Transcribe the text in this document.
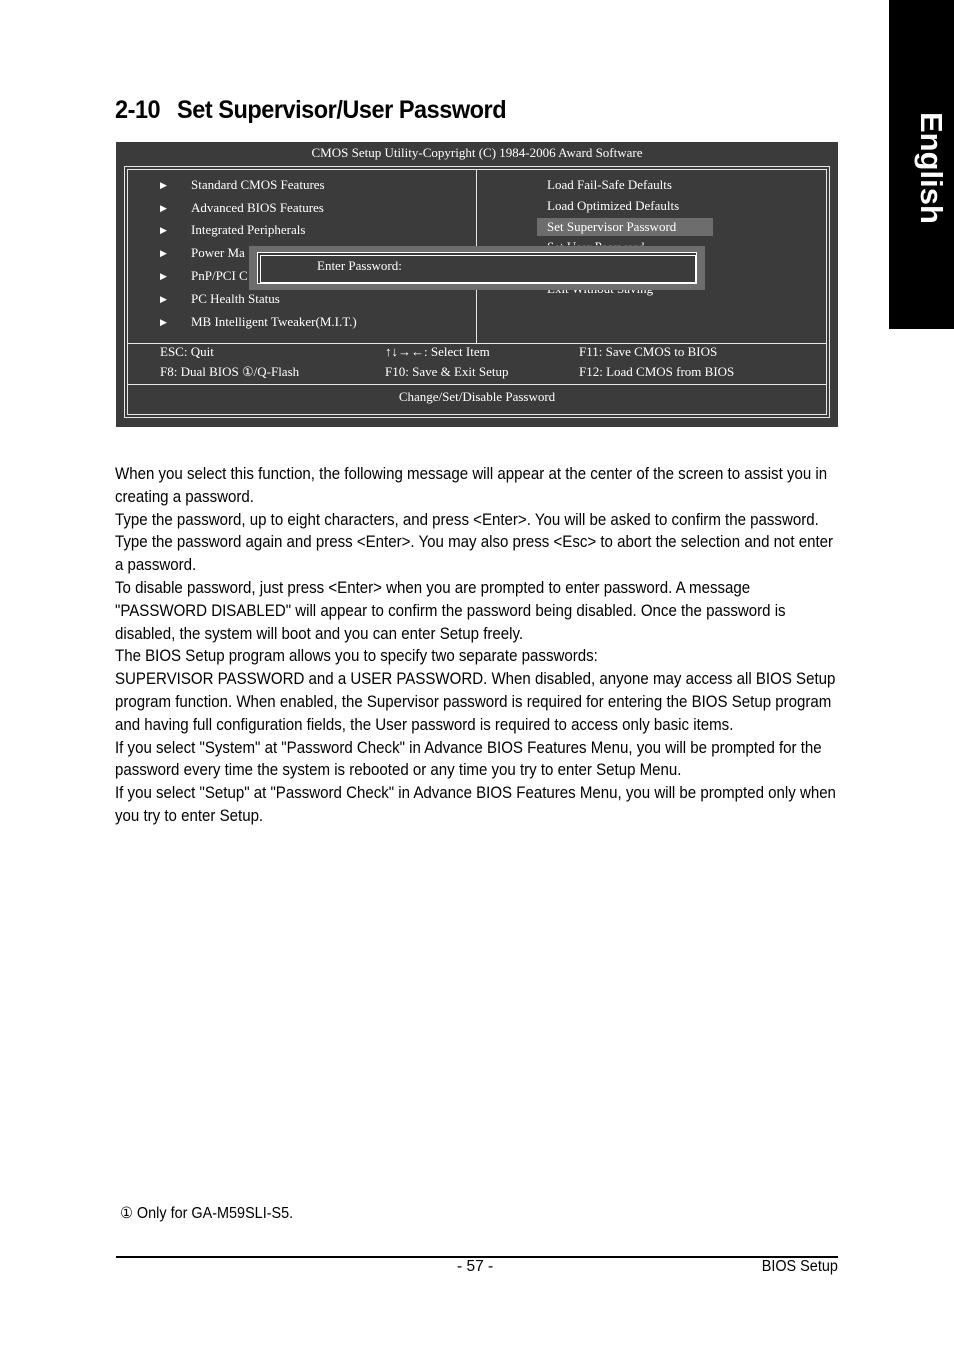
English
2-10 Set Supervisor/User Password
CMOS Setup Utility-Copyright (C) 1984-2006 Award Software
▶ Standard CMOS Features
▶ Advanced BIOS Features
▶ Integrated Peripherals
▶ Power Ma
▶ PnP/PCI C
▶ PC Health Status
▶ MB Intelligent Tweaker(M.I.T.)
Load Fail-Safe Defaults
Load Optimized Defaults
Set Supervisor Password
Enter Password:
ESC: Quit	↑↓→←: Select Item	F11: Save CMOS to BIOS
F8: Dual BIOS ①/Q-Flash	F10: Save & Exit Setup	F12: Load CMOS from BIOS
Change/Set/Disable Password

When you select this function, the following message will appear at the center of the screen to assist you in creating a password.

Type the password, up to eight characters, and press <Enter>. You will be asked to confirm the password. Type the password again and press <Enter>. You may also press <Esc> to abort the selection and not enter a password.

To disable password, just press <Enter> when you are prompted to enter password. A message "PASSWORD DISABLED" will appear to confirm the password being disabled. Once the password is disabled, the system will boot and you can enter Setup freely.

The BIOS Setup program allows you to specify two separate passwords:

SUPERVISOR PASSWORD and a USER PASSWORD. When disabled, anyone may access all BIOS Setup program function. When enabled, the Supervisor password is required for entering the BIOS Setup program and having full configuration fields, the User password is required to access only basic items.

If you select "System" at "Password Check" in Advance BIOS Features Menu, you will be prompted for the password every time the system is rebooted or any time you try to enter Setup Menu.

If you select "Setup" at "Password Check" in Advance BIOS Features Menu, you will be prompted only when you try to enter Setup.

① Only for GA-M59SLI-S5.
- 57 -	BIOS Setup
